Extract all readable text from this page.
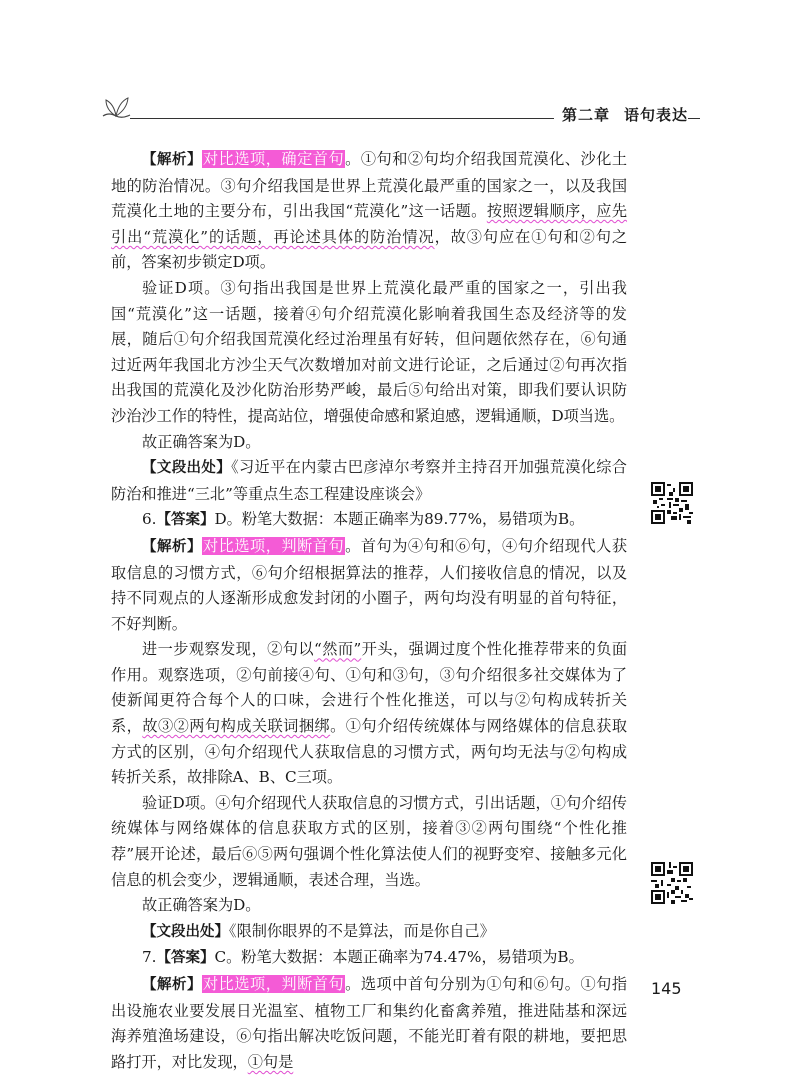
第二章 语句表达

【解析】对比选项，确定首句。①句和②句均介绍我国荒漠化、沙化土地的防治情况。③句介绍我国是世界上荒漠化最严重的国家之一，以及我国荒漠化土地的主要分布，引出我国“荒漠化”这一话题。按照逻辑顺序，应先引出“荒漠化”的话题，再论述具体的防治情况，故③句应在①句和②句之前，答案初步锁定D项。

验证D项。③句指出我国是世界上荒漠化最严重的国家之一，引出我国“荒漠化”这一话题，接着④句介绍荒漠化影响着我国生态及经济等的发展，随后①句介绍我国荒漠化经过治理虽有好转，但问题依然存在，⑥句通过近两年我国北方沙尘天气次数增加对前文进行论证，之后通过②句再次指出我国的荒漠化及沙化防治形势严峻，最后⑤句给出对策，即我们要认识防沙治沙工作的特性，提高站位，增强使命感和紧迫感，逻辑通顺，D项当选。

故正确答案为D。

【文段出处】《习近平在内蒙古巴彦淖尔考察并主持召开加强荒漠化综合防治和推进“三北”等重点生态工程建设座谈会》

6.【答案】D。粉笔大数据：本题正确率为89.77%，易错项为B。

【解析】对比选项，判断首句。首句为④句和⑥句，④句介绍现代人获取信息的习惯方式，⑥句介绍根据算法的推荐，人们接收信息的情况，以及持不同观点的人逐渐形成愈发封闭的小圈子，两句均没有明显的首句特征，不好判断。

进一步观察发现，②句以“然而”开头，强调过度个性化推荐带来的负面作用。观察选项，②句前接④句、①句和③句，③句介绍很多社交媒体为了使新闻更符合每个人的口味，会进行个性化推送，可以与②句构成转折关系，故③②两句构成关联词捆绑。①句介绍传统媒体与网络媒体的信息获取方式的区别，④句介绍现代人获取信息的习惯方式，两句均无法与②句构成转折关系，故排除A、B、C三项。

验证D项。④句介绍现代人获取信息的习惯方式，引出话题，①句介绍传统媒体与网络媒体的信息获取方式的区别，接着③②两句围绕“个性化推荐”展开论述，最后⑥⑤两句强调个性化算法使人们的视野变窄、接触多元化信息的机会变少，逻辑通顺，表述合理，当选。

故正确答案为D。

【文段出处】《限制你眼界的不是算法，而是你自己》

7.【答案】C。粉笔大数据：本题正确率为74.47%，易错项为B。

【解析】对比选项，判断首句。选项中首句分别为①句和⑥句。①句指出设施农业要发展日光温室、植物工厂和集约化畜禽养殖，推进陆基和深远海养殖渔场建设，⑥句指出解决吃饭问题，不能光盯着有限的耕地，要把思路打开，对比发现，①句是

145
